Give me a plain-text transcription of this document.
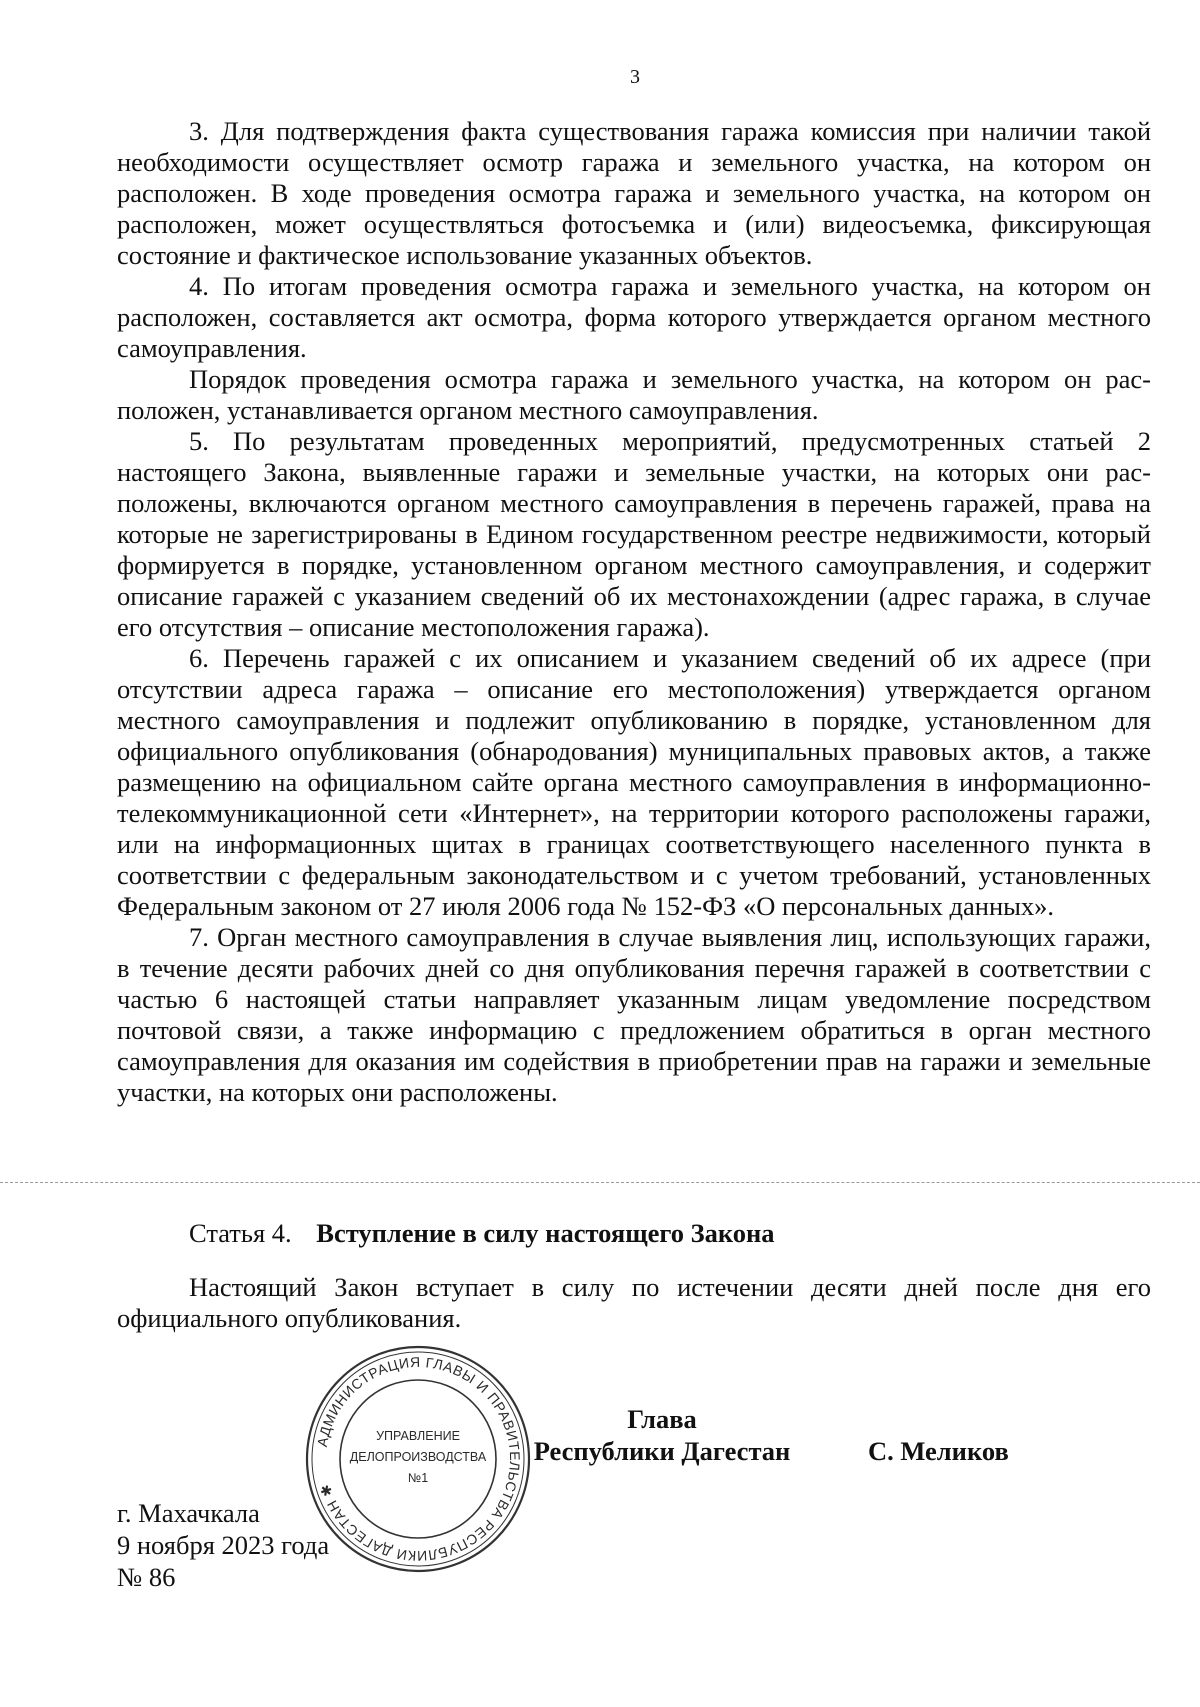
3

3. Для подтверждения факта существования гаража комиссия при наличии такой необходимости осуществляет осмотр гаража и земельного участка, на котором он расположен. В ходе проведения осмотра гаража и земельного участка, на котором он расположен, может осуществляться фотосъемка и (или) видеосъемка, фиксирующая состояние и фактическое использование указанных объектов.

4. По итогам проведения осмотра гаража и земельного участка, на котором он расположен, составляется акт осмотра, форма которого утверждается органом местного самоуправления.

Порядок проведения осмотра гаража и земельного участка, на котором он расположен, устанавливается органом местного самоуправления.

5. По результатам проведенных мероприятий, предусмотренных статьей 2 настоящего Закона, выявленные гаражи и земельные участки, на которых они расположены, включаются органом местного самоуправления в перечень гаражей, права на которые не зарегистрированы в Едином государственном реестре недвижимости, который формируется в порядке, установленном органом местного самоуправления, и содержит описание гаражей с указанием сведений об их местонахождении (адрес гаража, в случае его отсутствия – описание местоположения гаража).

6. Перечень гаражей с их описанием и указанием сведений об их адресе (при отсутствии адреса гаража – описание его местоположения) утверждается органом местного самоуправления и подлежит опубликованию в порядке, установленном для официального опубликования (обнародования) муниципальных правовых актов, а также размещению на официальном сайте органа местного самоуправления в информационно-телекоммуникационной сети «Интернет», на территории которого расположены гаражи, или на информационных щитах в границах соответствующего населенного пункта в соответствии с федеральным законодательством и с учетом требований, установленных Федеральным законом от 27 июля 2006 года № 152-ФЗ «О персональных данных».

7. Орган местного самоуправления в случае выявления лиц, использующих гаражи, в течение десяти рабочих дней со дня опубликования перечня гаражей в соответствии с частью 6 настоящей статьи направляет указанным лицам уведомление посредством почтовой связи, а также информацию с предложением обратиться в орган местного самоуправления для оказания им содействия в приобретении прав на гаражи и земельные участки, на которых они расположены.

Статья 4. Вступление в силу настоящего Закона

Настоящий Закон вступает в силу по истечении десяти дней после дня его официального опубликования.

Глава
Республики Дагестан	С. Меликов
г. Махачкала
9 ноября 2023 года
№ 86
АДМИНИСТРАЦИЯ ГЛАВЫ И ПРАВИТЕЛЬСТВА РЕСПУБЛИКИ ДАГЕСТАН ✱
УПРАВЛЕНИЕ
ДЕЛОПРОИЗВОДСТВА
№1
